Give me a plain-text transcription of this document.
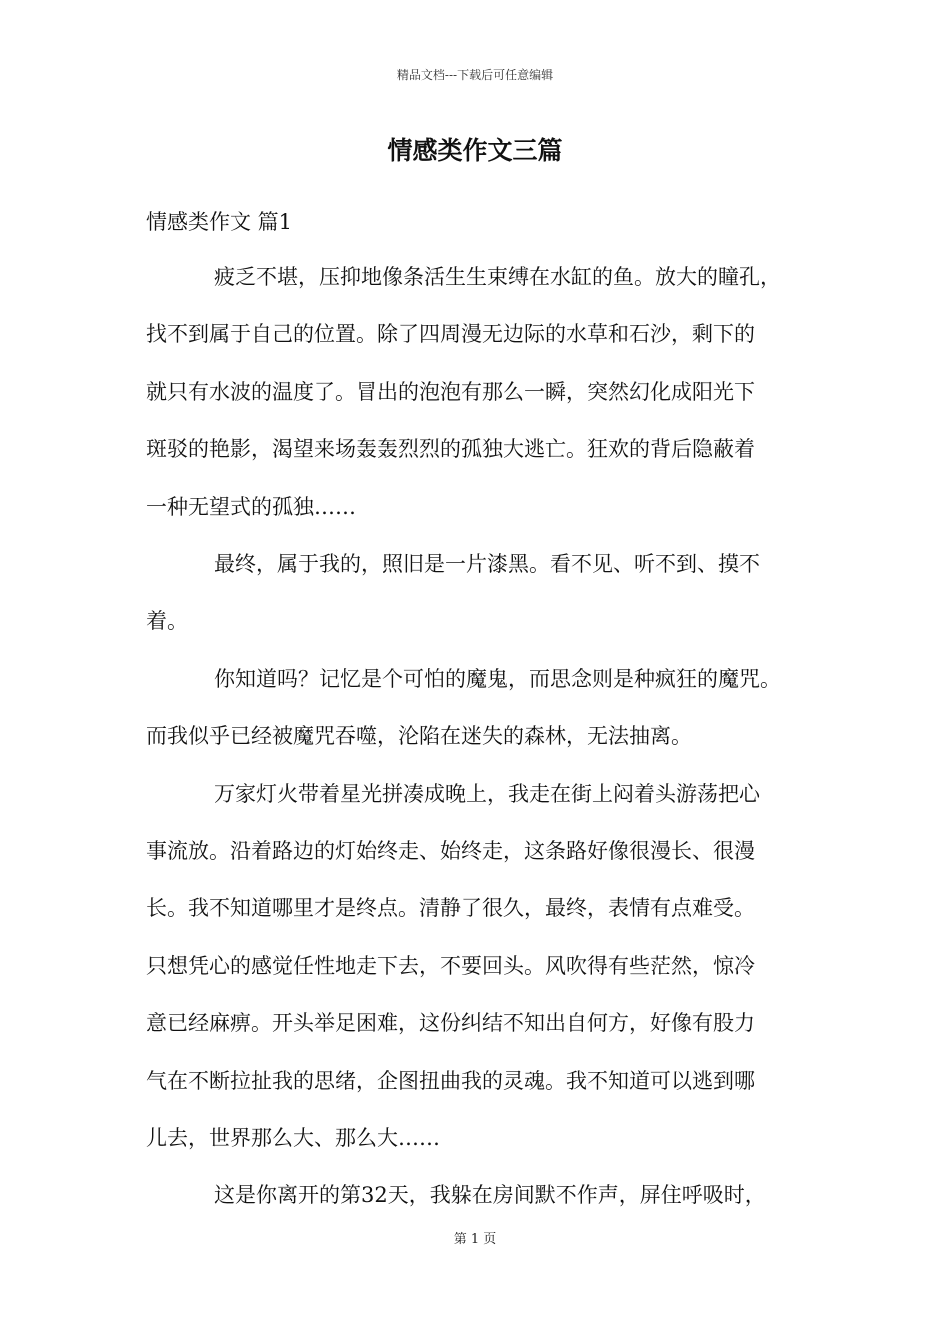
精品文档---下载后可任意编辑
情感类作文三篇
情感类作文 篇1
疲乏不堪，压抑地像条活生生束缚在水缸的鱼。放大的瞳孔，
找不到属于自己的位置。除了四周漫无边际的水草和石沙，剩下的
就只有水波的温度了。冒出的泡泡有那么一瞬，突然幻化成阳光下
斑驳的艳影，渴望来场轰轰烈烈的孤独大逃亡。狂欢的背后隐蔽着
一种无望式的孤独……
最终，属于我的，照旧是一片漆黑。看不见、听不到、摸不
着。
你知道吗？记忆是个可怕的魔鬼，而思念则是种疯狂的魔咒。
而我似乎已经被魔咒吞噬，沦陷在迷失的森林，无法抽离。
万家灯火带着星光拼凑成晚上，我走在街上闷着头游荡把心
事流放。沿着路边的灯始终走、始终走，这条路好像很漫长、很漫
长。我不知道哪里才是终点。清静了很久，最终，表情有点难受。
只想凭心的感觉任性地走下去，不要回头。风吹得有些茫然，惊冷
意已经麻痹。开头举足困难，这份纠结不知出自何方，好像有股力
气在不断拉扯我的思绪，企图扭曲我的灵魂。我不知道可以逃到哪
儿去，世界那么大、那么大……
这是你离开的第32天，我躲在房间默不作声，屏住呼吸时，
第 1 页
